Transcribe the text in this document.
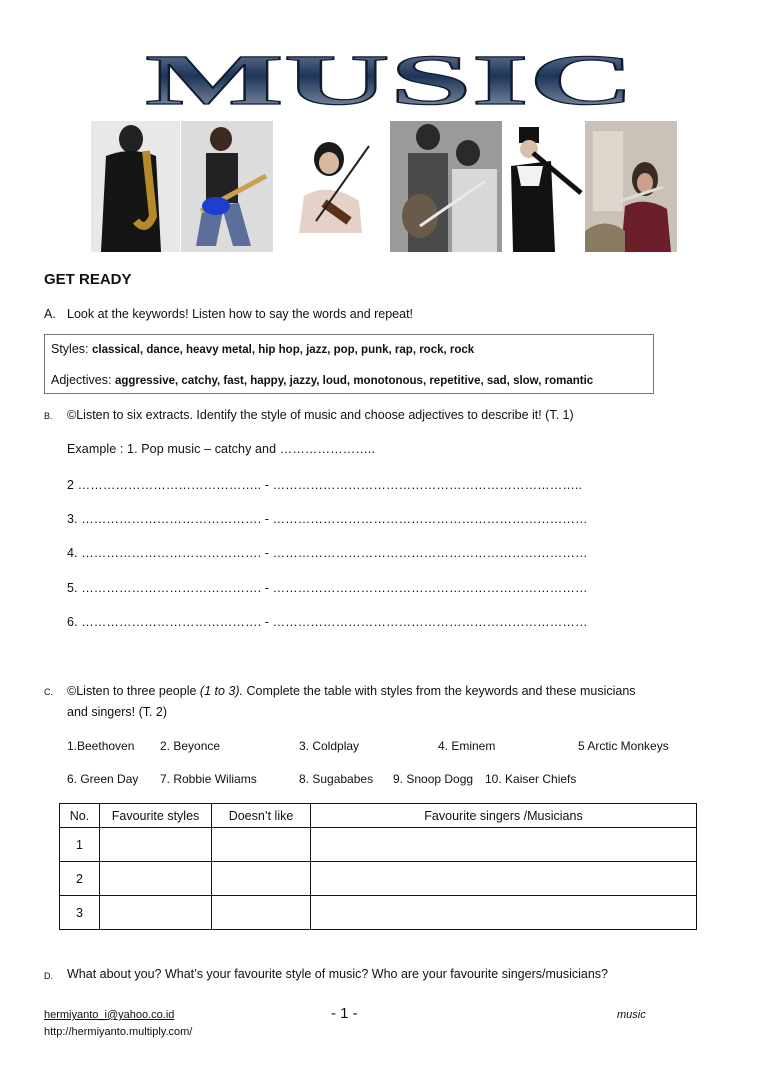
MUSIC
GET READY
A. Look at the keywords! Listen how to say the words and repeat!
Styles: classical, dance, heavy metal, hip hop, jazz, pop, punk, rap, rock, rock
Adjectives: aggressive, catchy, fast, happy, jazzy, loud, monotonous, repetitive, sad, slow, romantic
B. ©Listen to six extracts. Identify the style of music and choose adjectives to describe it! (T. 1)
Example : 1. Pop music – catchy and …………………..
2 …………………………………….. - ………………………………………………………………..
3. ……………………………………. - …………………………………………………………………
4. ……………………………………. - …………………………………………………………………
5. ……………………………………. - …………………………………………………………………
6. ……………………………………. - …………………………………………………………………
C. ©Listen to three people (1 to 3). Complete the table with styles from the keywords and these musicians
and singers! (T. 2)
1.Beethoven 2. Beyonce	3. Coldplay	4. Eminem	5 Arctic Monkeys
6. Green Day 7. Robbie Wiliams	8. Sugababes 9. Snoop Dogg 10. Kaiser Chiefs
No.	Favourite styles	Doesn’t like	Favourite singers /Musicians
1			
2			
3			
D. What about you? What’s your favourite style of music? Who are your favourite singers/musicians?
hermiyanto_i@yahoo.co.id
http://hermiyanto.multiply.com/
- 1 -	music
